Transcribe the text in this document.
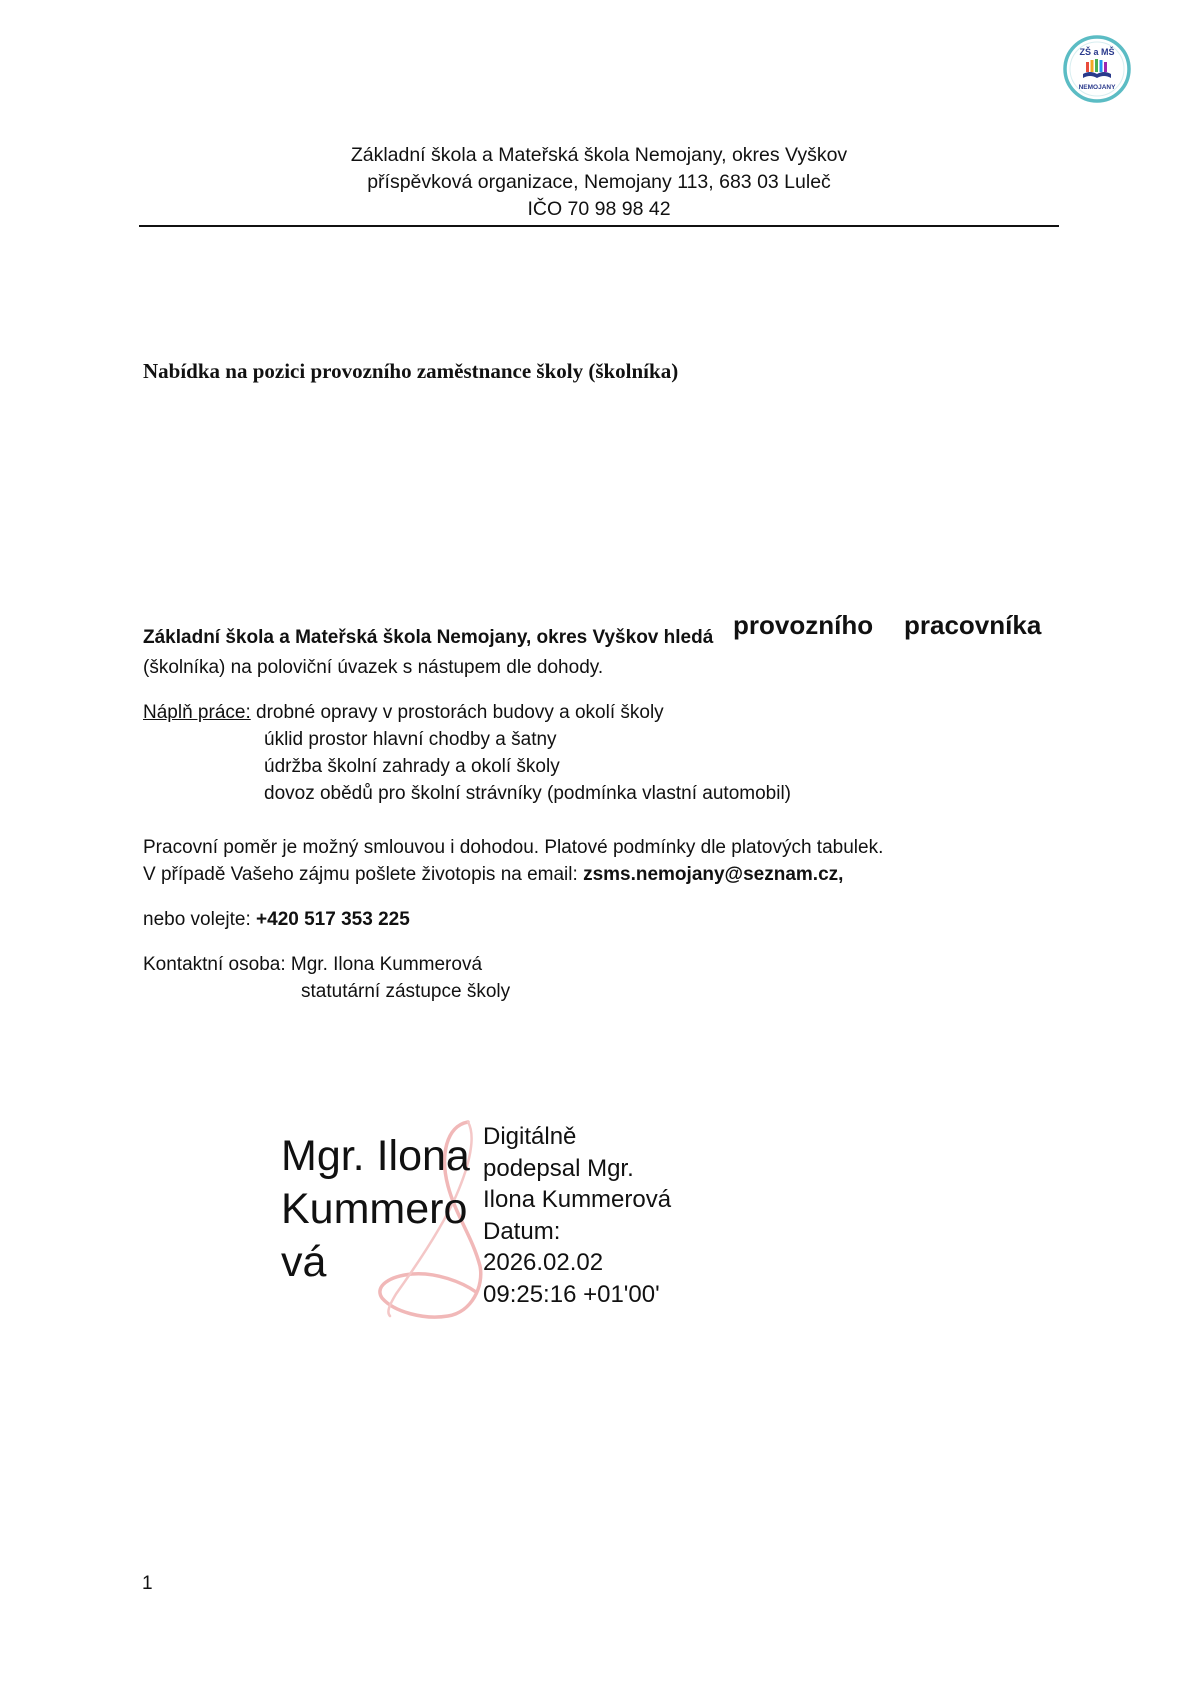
ZŠ a MŠ
NEMOJANY
Základní škola a Mateřská škola Nemojany, okres Vyškov
příspěvková organizace, Nemojany 113, 683 03 Luleč
IČO 70 98 98 42
Nabídka na pozici provozního zaměstnance školy (školníka)
Základní škola a Mateřská škola Nemojany, okres Vyškov hledá provozního pracovníka
(školníka) na poloviční úvazek s nástupem dle dohody.
Náplň práce: drobné opravy v prostorách budovy a okolí školy
úklid prostor hlavní chodby a šatny
údržba školní zahrady a okolí školy
dovoz obědů pro školní strávníky (podmínka vlastní automobil)
Pracovní poměr je možný smlouvou i dohodou. Platové podmínky dle platových tabulek.
V případě Vašeho zájmu pošlete životopis na email: zsms.nemojany@seznam.cz,
nebo volejte: +420 517 353 225
Kontaktní osoba: Mgr. Ilona Kummerová
statutární zástupce školy
Mgr. Ilona
Kummero
vá
Digitálně
podepsal Mgr.
Ilona Kummerová
Datum:
2026.02.02
09:25:16 +01'00'
1
